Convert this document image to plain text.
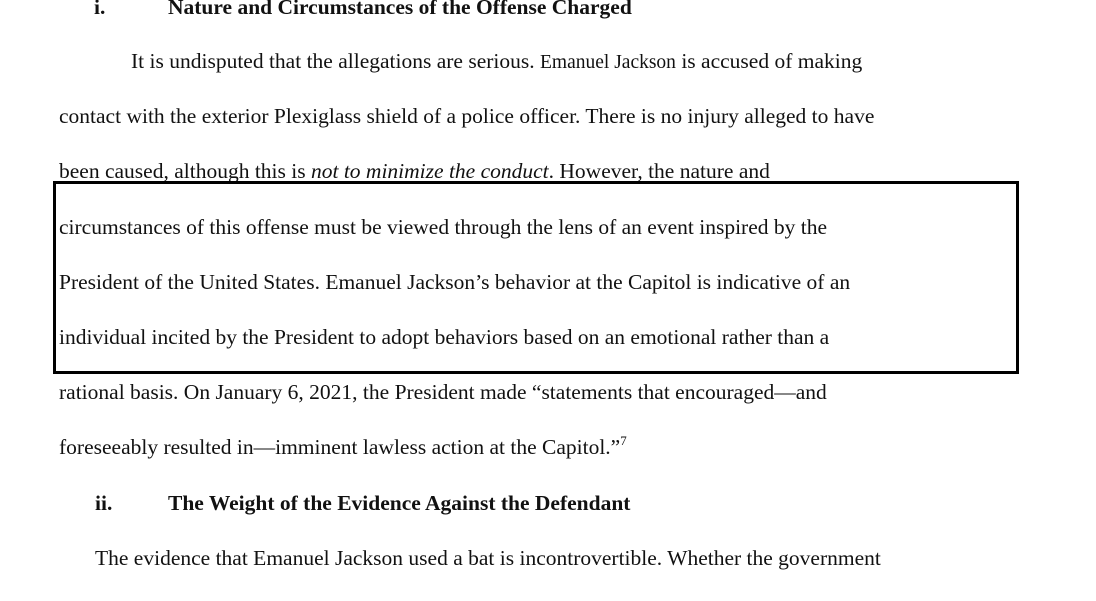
i.	Nature and Circumstances of the Offense Charged
It is undisputed that the allegations are serious. Emanuel Jackson is accused of making
contact with the exterior Plexiglass shield of a police officer. There is no injury alleged to have
been caused, although this is not to minimize the conduct. However, the nature and
circumstances of this offense must be viewed through the lens of an event inspired by the
President of the United States. Emanuel Jackson’s behavior at the Capitol is indicative of an
individual incited by the President to adopt behaviors based on an emotional rather than a
rational basis. On January 6, 2021, the President made “statements that encouraged—and
foreseeably resulted in—imminent lawless action at the Capitol.”$^7$
ii.	The Weight of the Evidence Against the Defendant
The evidence that Emanuel Jackson used a bat is incontrovertible. Whether the government
